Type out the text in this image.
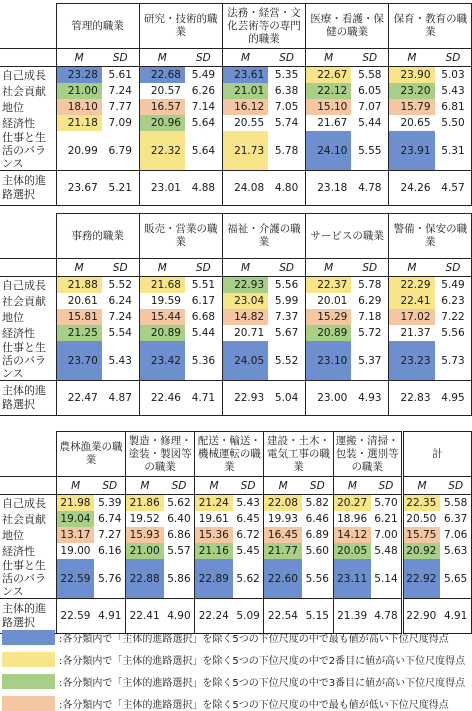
	管理的職業		研究・技術的職業		法務・経営・文化芸術等の専門的職業		医療・看護・保健の職業		保育・教育の職業	
	M	SD	M	SD	M	SD	M	SD	M	SD
自己成長	23.28	5.61	22.68	5.49	23.61	5.35	22.67	5.58	23.90	5.03
社会貢献	21.00	7.24	20.57	6.26	21.01	6.38	22.12	6.05	23.20	5.43
地位	18.10	7.77	16.57	7.14	16.12	7.05	15.10	7.07	15.79	6.81
経済性	21.18	7.09	20.96	5.64	20.55	5.74	21.67	5.44	20.65	5.50
仕事と生活のバランス	20.99	6.79	22.32	5.64	21.73	5.78	24.10	5.55	23.91	5.31
主体的進路選択	23.67	5.21	23.01	4.88	24.08	4.80	23.18	4.78	24.26	4.57
	事務的職業		販売・営業の職業		福祉・介護の職業		サービスの職業		警備・保安の職業	
	M	SD	M	SD	M	SD	M	SD	M	SD
自己成長	21.88	5.52	21.68	5.51	22.93	5.56	22.37	5.78	22.29	5.49
社会貢献	20.61	6.24	19.59	6.17	23.04	5.99	20.01	6.29	22.41	6.23
地位	15.81	7.24	15.44	6.68	14.82	7.37	15.29	7.18	17.02	7.22
経済性	21.25	5.54	20.89	5.44	20.71	5.67	20.89	5.72	21.37	5.56
仕事と生活のバランス	23.70	5.43	23.42	5.36	24.05	5.52	23.10	5.37	23.23	5.73
主体的進路選択	22.47	4.87	22.46	4.71	22.93	5.04	23.00	4.93	22.83	4.95
	農林漁業の職業		製造・修理・塗装・製図等の職業		配送・輸送・機械運転の職業		建設・土木・電気工事の職業		運搬・清掃・包装・選別等の職業		計	
	M	SD	M	SD	M	SD	M	SD	M	SD	M	SD
自己成長	21.98	5.39	21.86	5.62	21.24	5.43	22.08	5.82	20.27	5.70	22.35	5.58
社会貢献	19.04	6.74	19.52	6.40	19.61	6.45	19.93	6.46	18.96	6.21	20.50	6.37
地位	13.17	7.27	15.93	6.86	15.36	6.72	16.45	6.89	14.12	7.00	15.75	7.06
経済性	19.00	6.16	21.00	5.57	21.16	5.45	21.77	5.60	20.05	5.48	20.92	5.63
仕事と生活のバランス	22.59	5.76	22.88	5.86	22.89	5.62	22.60	5.56	23.11	5.14	22.92	5.65
主体的進路選択	22.59	4.91	22.41	4.90	22.24	5.09	22.54	5.15	21.39	4.78	22.90	4.91
:各分類内で「主体的進路選択」を除く5つの下位尺度の中で最も値が高い下位尺度得点
:各分類内で「主体的進路選択」を除く5つの下位尺度の中で2番目に値が高い下位尺度得点
:各分類内で「主体的進路選択」を除く5つの下位尺度の中で3番目に値が高い下位尺度得点
:各分類内で「主体的進路選択」を除く5つの下位尺度の中で最も値が低い下位尺度得点
